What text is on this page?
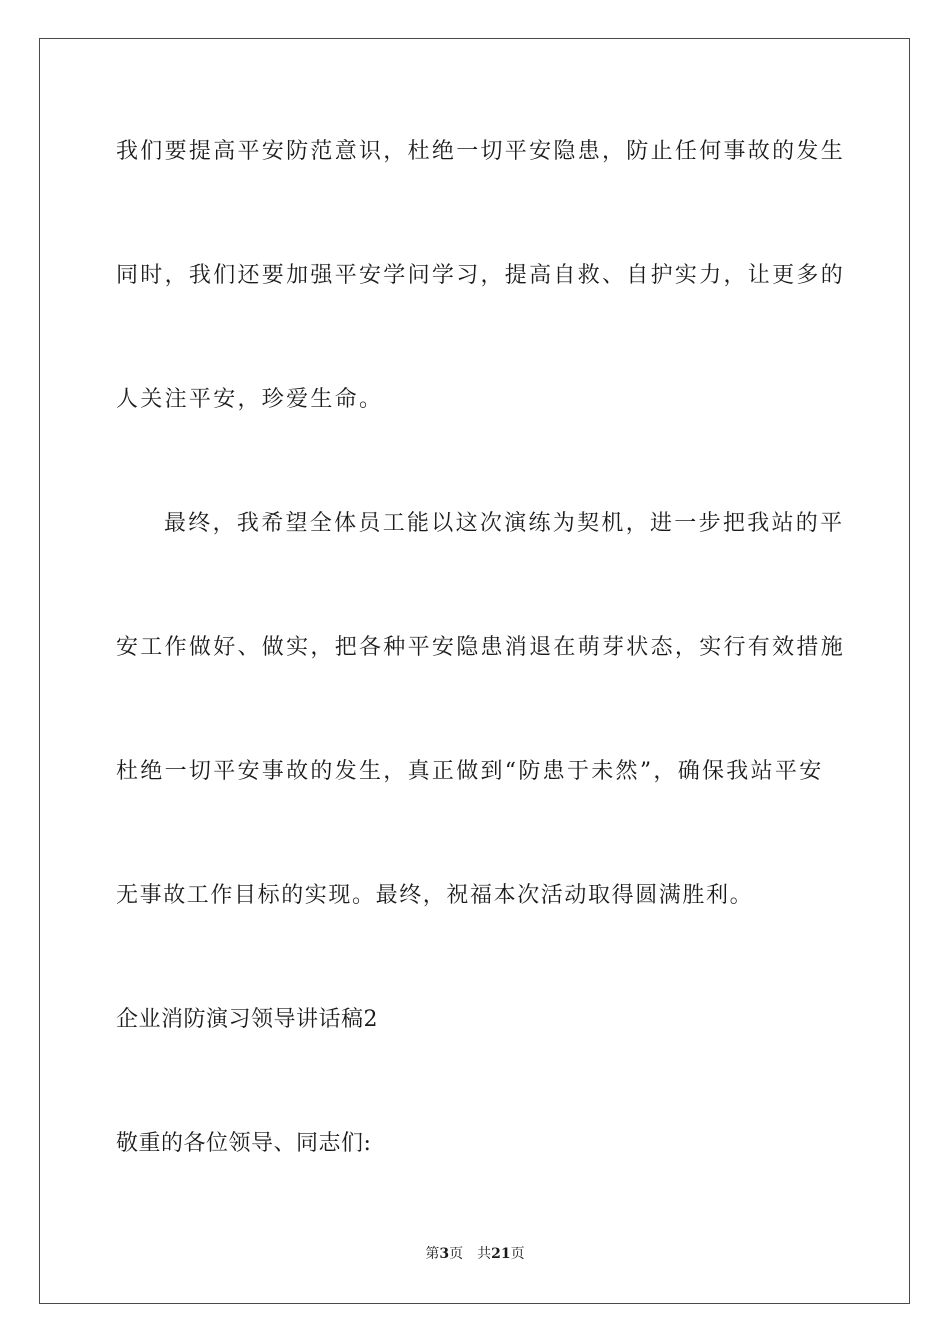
我们要提高平安防范意识，杜绝一切平安隐患，防止任何事故的发生
同时，我们还要加强平安学问学习，提高自救、自护实力，让更多的
人关注平安，珍爱生命。
最终，我希望全体员工能以这次演练为契机，进一步把我站的平
安工作做好、做实，把各种平安隐患消退在萌芽状态，实行有效措施
杜绝一切平安事故的发生，真正做到“防患于未然”，确保我站平安
无事故工作目标的实现。最终，祝福本次活动取得圆满胜利。
企业消防演习领导讲话稿2
敬重的各位领导、同志们:
第3页 共21页
